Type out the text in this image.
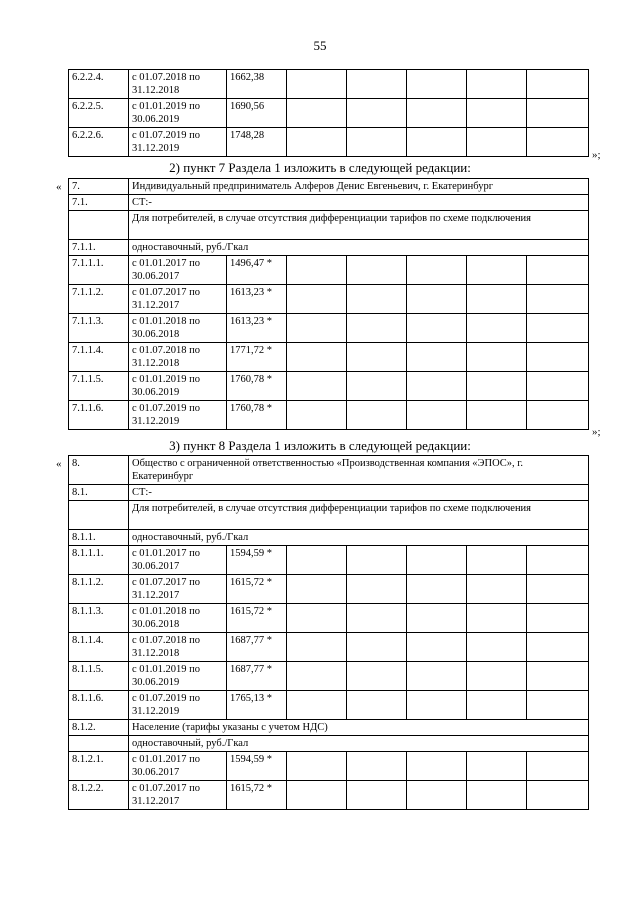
55
6.2.2.4.	с 01.07.2018 по 31.12.2018	1662,38					
6.2.2.5.	с 01.01.2019 по 30.06.2019	1690,56					
6.2.2.6.	с 01.07.2019 по 31.12.2019	1748,28					
»;
2) пункт 7 Раздела 1 изложить в следующей редакции:
« 7.	Индивидуальный предприниматель Алферов Денис Евгеньевич, г. Екатеринбург						
7.1.	СТ:-						
	Для потребителей, в случае отсутствия дифференциации тарифов по схеме подключения						
7.1.1.	одноставочный, руб./Гкал						
7.1.1.1.	с 01.01.2017 по 30.06.2017	1496,47 *					
7.1.1.2.	с 01.07.2017 по 31.12.2017	1613,23 *					
7.1.1.3.	с 01.01.2018 по 30.06.2018	1613,23 *					
7.1.1.4.	с 01.07.2018 по 31.12.2018	1771,72 *					
7.1.1.5.	с 01.01.2019 по 30.06.2019	1760,78 *					
7.1.1.6.	с 01.07.2019 по 31.12.2019	1760,78 *					
»;
3) пункт 8 Раздела 1 изложить в следующей редакции:
« 8.	Общество с ограниченной ответственностью «Производственная компания «ЭПОС», г. Екатеринбург						
8.1.	СТ:-						
	Для потребителей, в случае отсутствия дифференциации тарифов по схеме подключения						
8.1.1.	одноставочный, руб./Гкал						
8.1.1.1.	с 01.01.2017 по 30.06.2017	1594,59 *					
8.1.1.2.	с 01.07.2017 по 31.12.2017	1615,72 *					
8.1.1.3.	с 01.01.2018 по 30.06.2018	1615,72 *					
8.1.1.4.	с 01.07.2018 по 31.12.2018	1687,77 *					
8.1.1.5.	с 01.01.2019 по 30.06.2019	1687,77 *					
8.1.1.6.	с 01.07.2019 по 31.12.2019	1765,13 *					
8.1.2.	Население (тарифы указаны с учетом НДС)						
	одноставочный, руб./Гкал						
8.1.2.1.	с 01.01.2017 по 30.06.2017	1594,59 *					
8.1.2.2.	с 01.07.2017 по 31.12.2017	1615,72 *					
